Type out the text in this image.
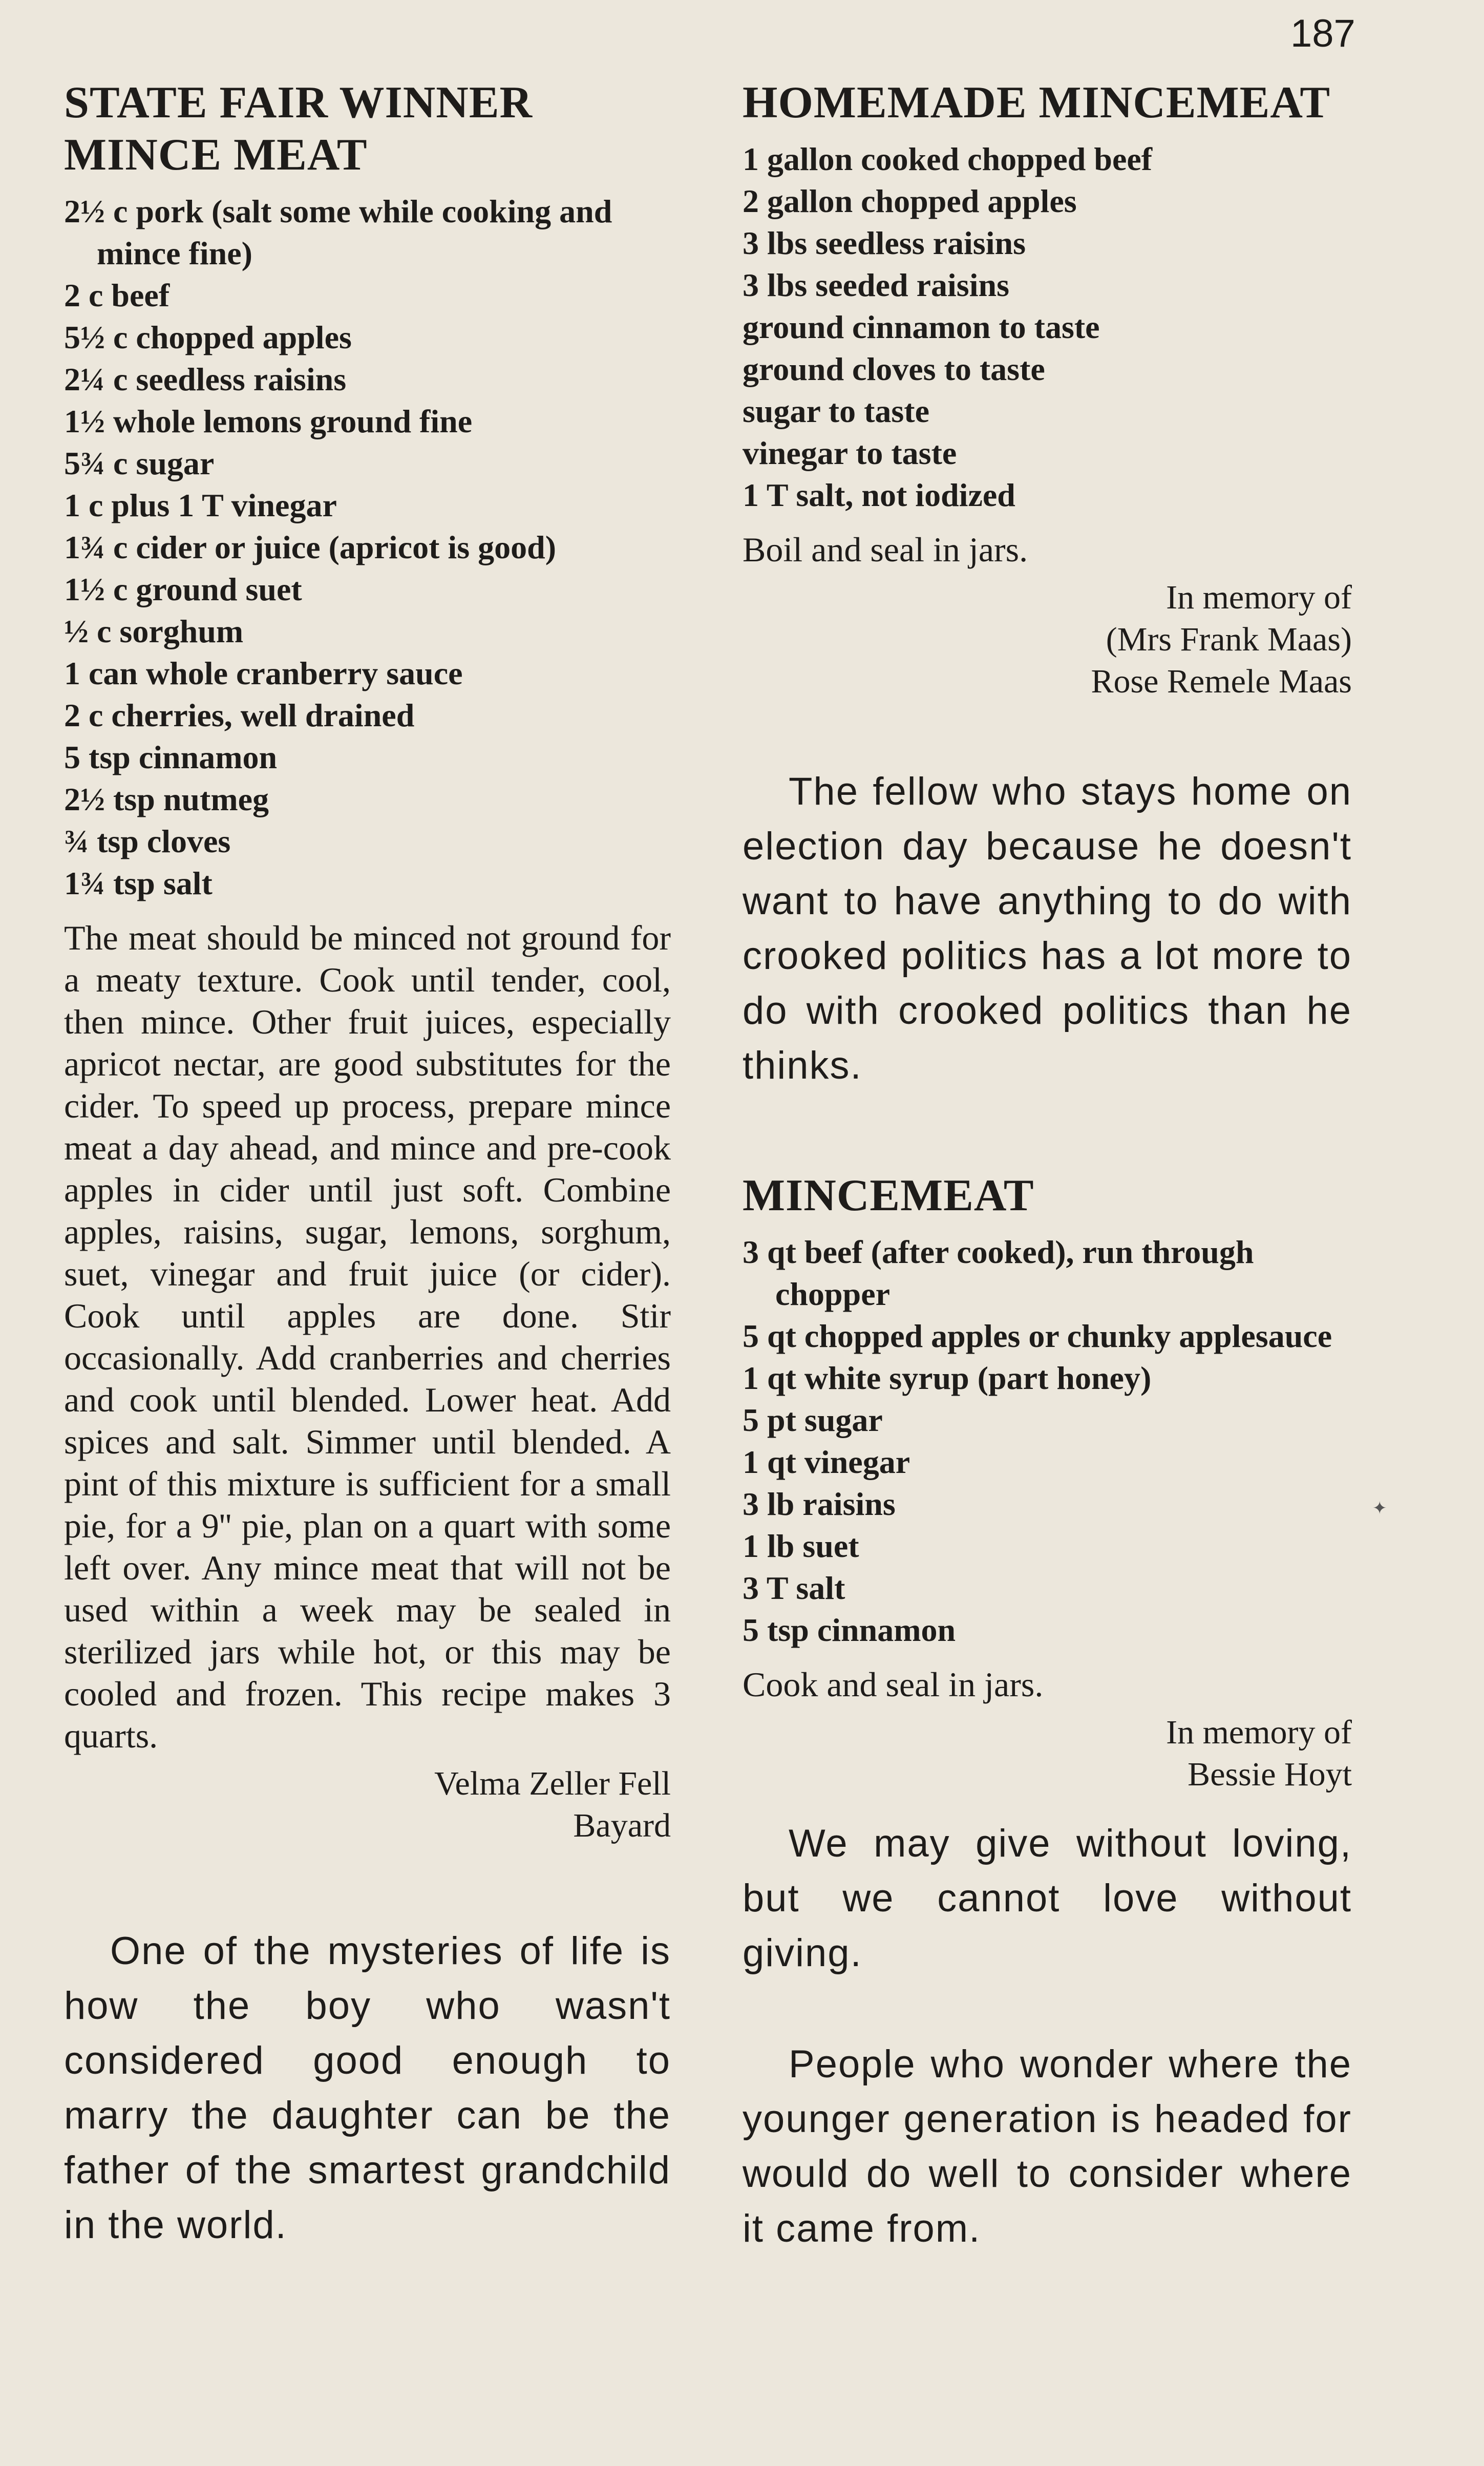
187
STATE FAIR WINNER
MINCE MEAT
2½ c pork (salt some while cooking and mince fine)
2 c beef
5½ c chopped apples
2¼ c seedless raisins
1½ whole lemons ground fine
5¾ c sugar
1 c plus 1 T vinegar
1¾ c cider or juice (apricot is good)
1½ c ground suet
½ c sorghum
1 can whole cranberry sauce
2 c cherries, well drained
5 tsp cinnamon
2½ tsp nutmeg
¾ tsp cloves
1¾ tsp salt

The meat should be minced not ground for a meaty texture. Cook until tender, cool, then mince. Other fruit juices, especially apricot nectar, are good substitutes for the cider. To speed up process, prepare mince meat a day ahead, and mince and pre-cook apples in cider until just soft. Combine apples, raisins, sugar, lemons, sorghum, suet, vinegar and fruit juice (or cider). Cook until apples are done. Stir occasionally. Add cranberries and cherries and cook until blended. Lower heat. Add spices and salt. Simmer until blended. A pint of this mixture is sufficient for a small pie, for a 9'' pie, plan on a quart with some left over. Any mince meat that will not be used within a week may be sealed in sterilized jars while hot, or this may be cooled and frozen. This recipe makes 3 quarts.

Velma Zeller Fell
Bayard

One of the mysteries of life is how the boy who wasn't considered good enough to marry the daughter can be the father of the smartest grandchild in the world.

HOMEMADE MINCEMEAT
1 gallon cooked chopped beef
2 gallon chopped apples
3 lbs seedless raisins
3 lbs seeded raisins
ground cinnamon to taste
ground cloves to taste
sugar to taste
vinegar to taste
1 T salt, not iodized

Boil and seal in jars.

In memory of
(Mrs Frank Maas)
Rose Remele Maas

The fellow who stays home on election day because he doesn't want to have anything to do with crooked politics has a lot more to do with crooked politics than he thinks.

MINCEMEAT
3 qt beef (after cooked), run through chopper
5 qt chopped apples or chunky applesauce
1 qt white syrup (part honey)
5 pt sugar
1 qt vinegar
3 lb raisins
1 lb suet
3 T salt
5 tsp cinnamon

Cook and seal in jars.

In memory of
Bessie Hoyt

We may give without loving, but we cannot love without giving.

People who wonder where the younger generation is headed for would do well to consider where it came from.

✦
